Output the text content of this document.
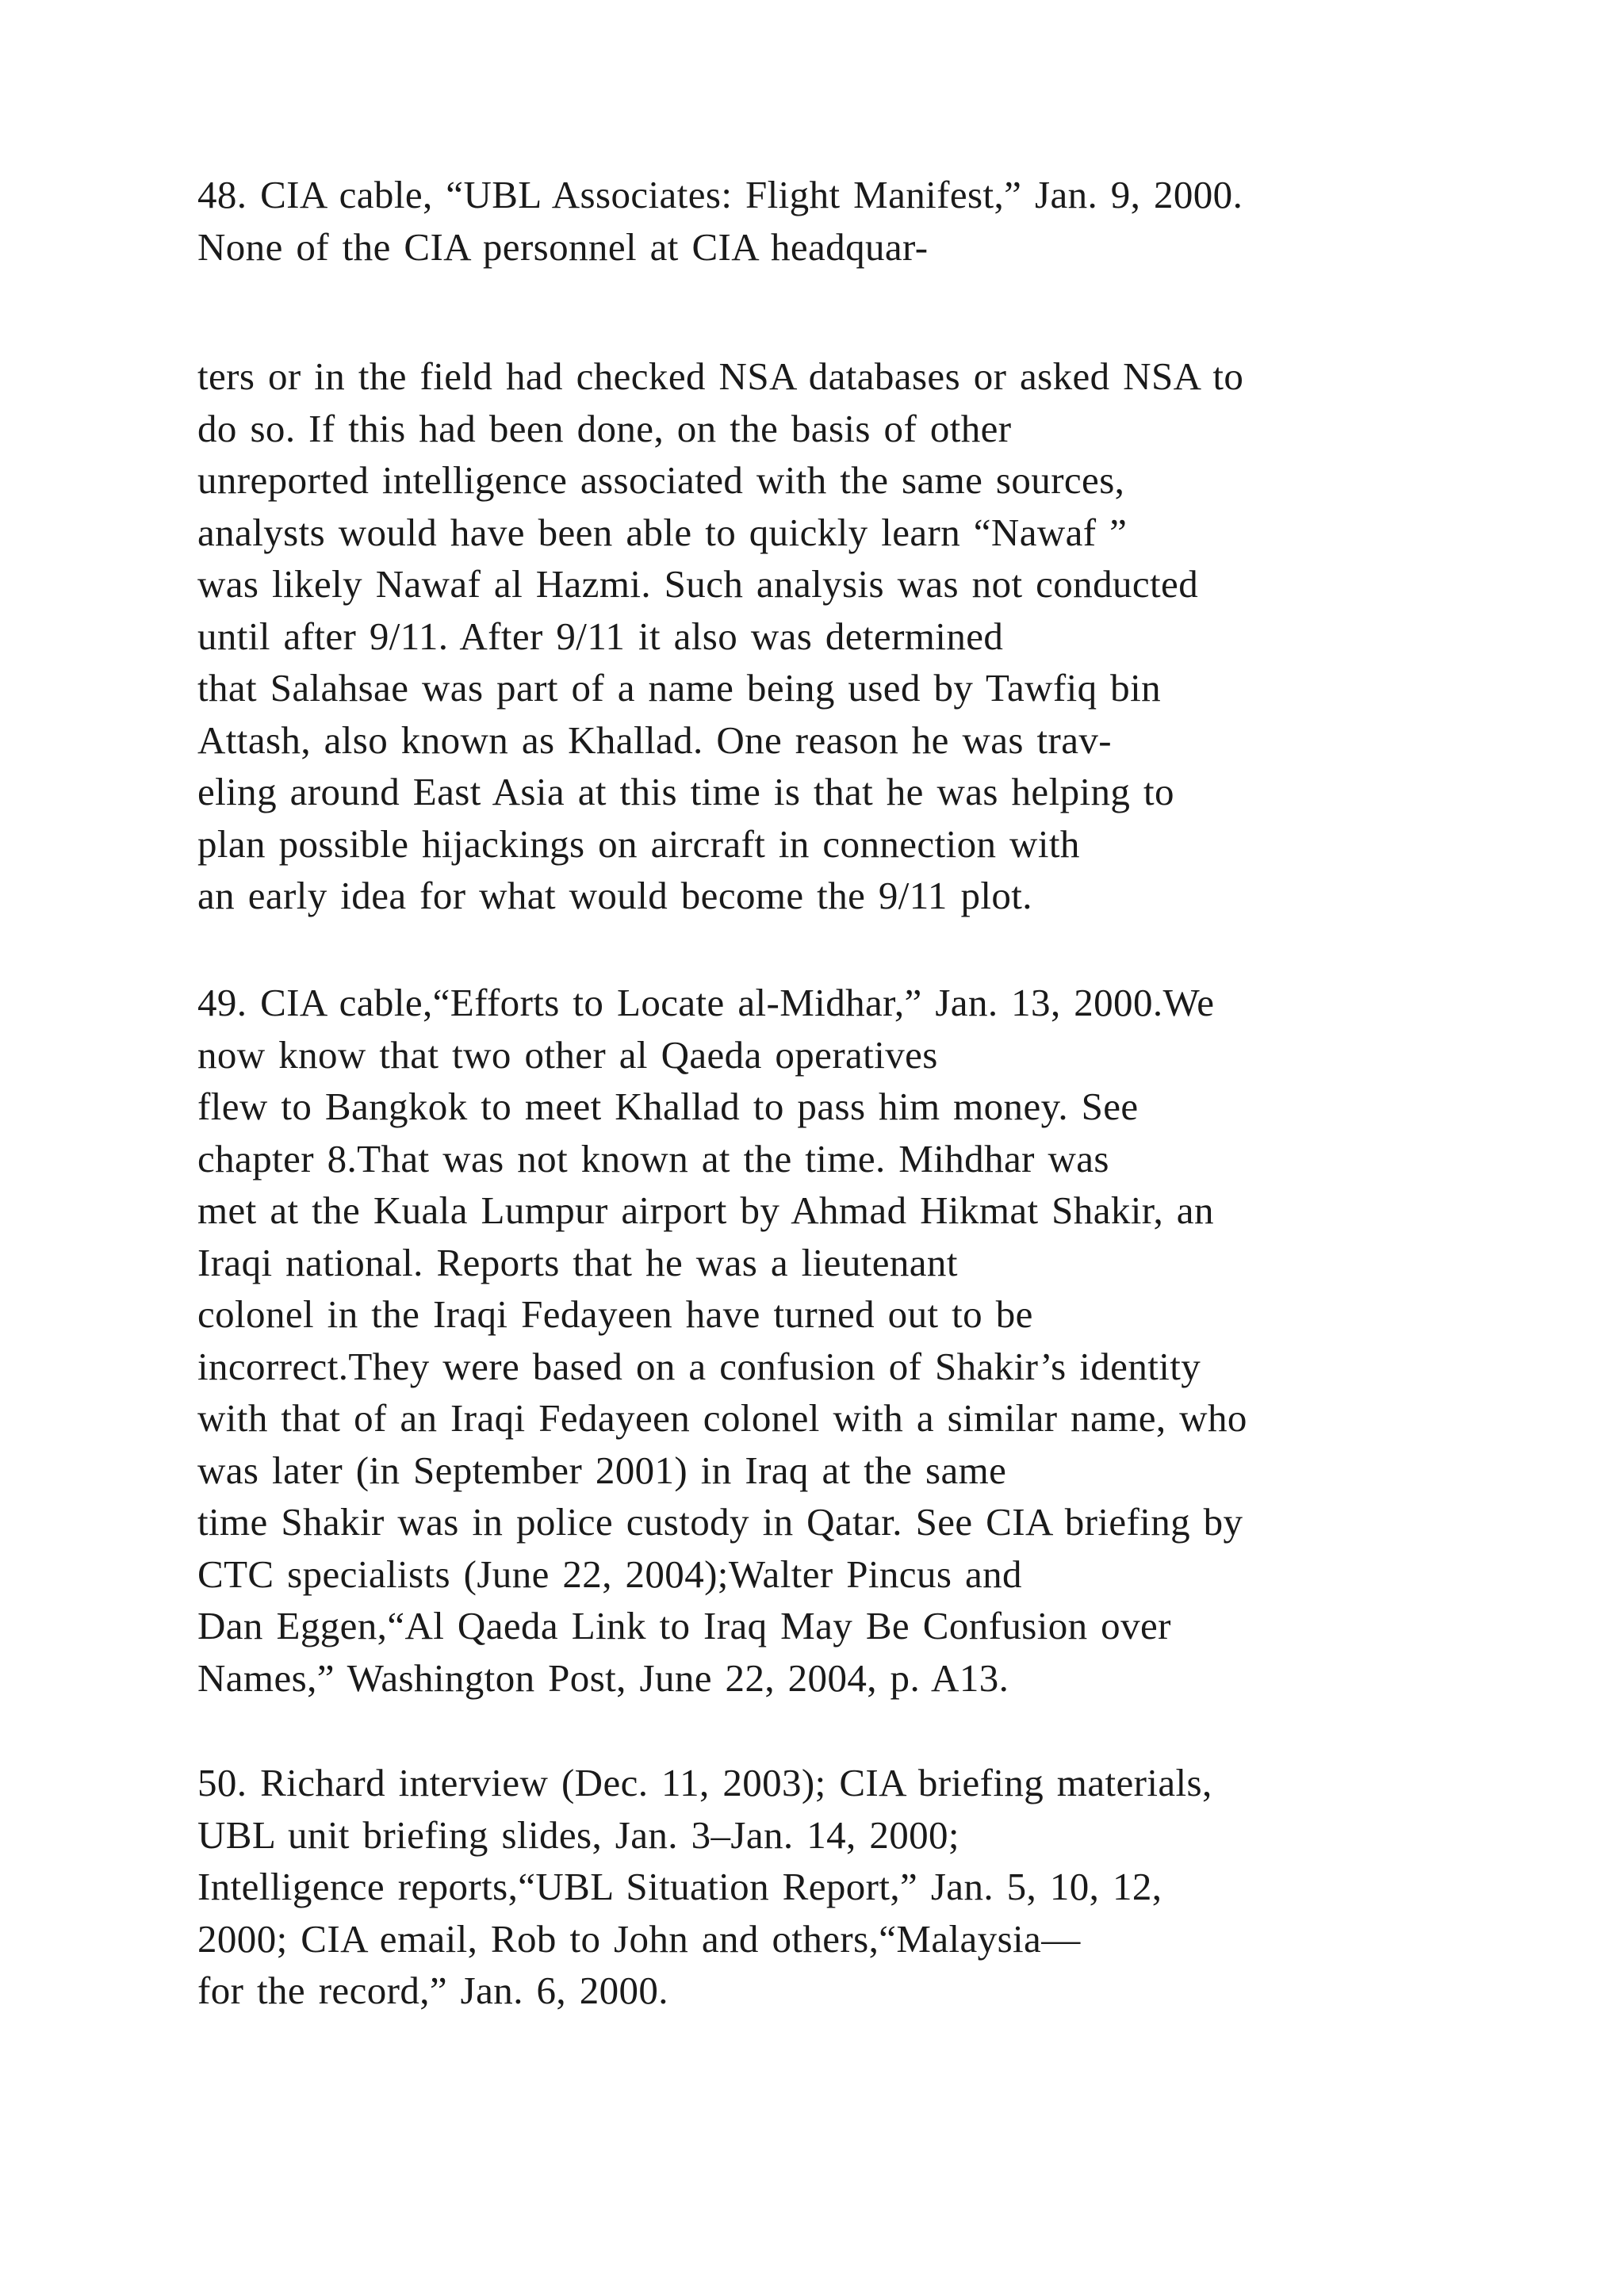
48. CIA cable, “UBL Associates: Flight Manifest,” Jan. 9, 2000.
None of the CIA personnel at CIA headquar-
ters or in the field had checked NSA databases or asked NSA to
do so. If this had been done, on the basis of other
unreported intelligence associated with the same sources,
analysts would have been able to quickly learn “Nawaf ”
was likely Nawaf al Hazmi. Such analysis was not conducted
until after 9/11. After 9/11 it also was determined
that Salahsae was part of a name being used by Tawfiq bin
Attash, also known as Khallad. One reason he was trav-
eling around East Asia at this time is that he was helping to
plan possible hijackings on aircraft in connection with
an early idea for what would become the 9/11 plot.
49. CIA cable,“Efforts to Locate al-Midhar,” Jan. 13, 2000.We
now know that two other al Qaeda operatives
flew to Bangkok to meet Khallad to pass him money. See
chapter 8.That was not known at the time. Mihdhar was
met at the Kuala Lumpur airport by Ahmad Hikmat Shakir, an
Iraqi national. Reports that he was a lieutenant
colonel in the Iraqi Fedayeen have turned out to be
incorrect.They were based on a confusion of Shakir’s identity
with that of an Iraqi Fedayeen colonel with a similar name, who
was later (in September 2001) in Iraq at the same
time Shakir was in police custody in Qatar. See CIA briefing by
CTC specialists (June 22, 2004);Walter Pincus and
Dan Eggen,“Al Qaeda Link to Iraq May Be Confusion over
Names,” Washington Post, June 22, 2004, p. A13.
50. Richard interview (Dec. 11, 2003); CIA briefing materials,
UBL unit briefing slides, Jan. 3–Jan. 14, 2000;
Intelligence reports,“UBL Situation Report,” Jan. 5, 10, 12,
2000; CIA email, Rob to John and others,“Malaysia—
for the record,” Jan. 6, 2000.
